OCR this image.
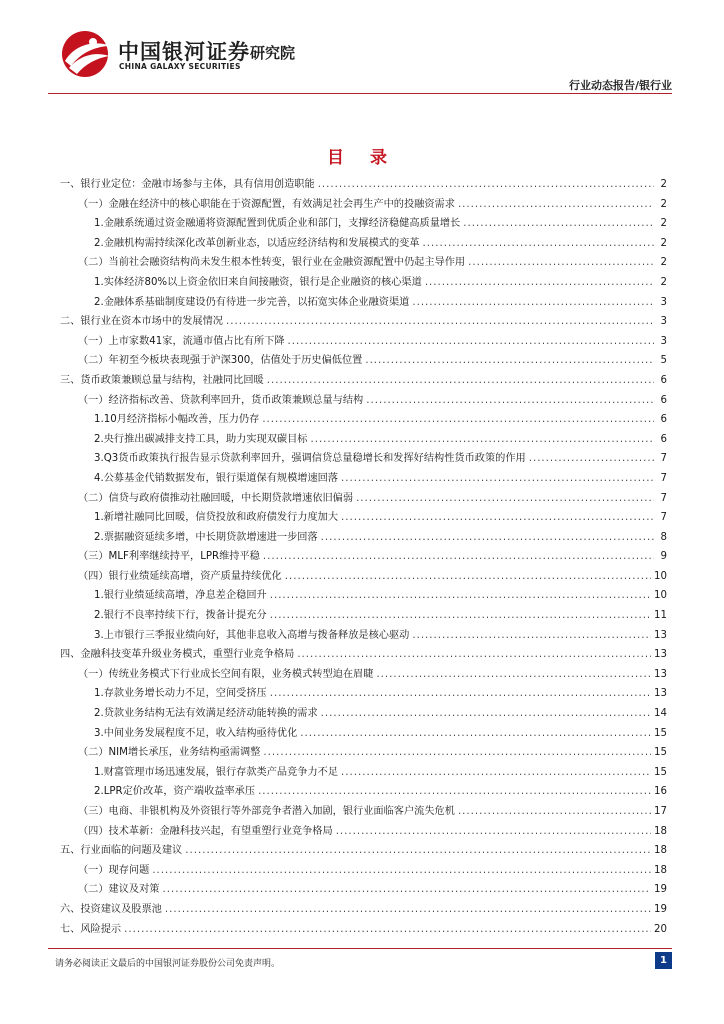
中国银河证券
CHINA GALAXY SECURITIES
研究院
行业动态报告/银行业
目 录
一、银行业定位：金融市场参与主体，具有信用创造职能 .....	2
（一）金融在经济中的核心职能在于资源配置，有效满足社会再生产中的投融资需求 .....	2
1.金融系统通过资金融通将资源配置到优质企业和部门，支撑经济稳健高质量增长 .....	2
2.金融机构需持续深化改革创新业态，以适应经济结构和发展模式的变革 .....	2
（二）当前社会融资结构尚未发生根本性转变，银行业在金融资源配置中仍起主导作用 .....	2
1.实体经济80%以上资金依旧来自间接融资，银行是企业融资的核心渠道 .....	2
2.金融体系基础制度建设仍有待进一步完善，以拓宽实体企业融资渠道 .....	3
二、银行业在资本市场中的发展情况 .....	3
（一）上市家数41家，流通市值占比有所下降 .....	3
（二）年初至今板块表现强于沪深300，估值处于历史偏低位置 .....	5
三、货币政策兼顾总量与结构，社融同比回暖 .....	6
（一）经济指标改善、贷款利率回升，货币政策兼顾总量与结构 .....	6
1.10月经济指标小幅改善，压力仍存 .....	6
2.央行推出碳减排支持工具，助力实现双碳目标 .....	6
3.Q3货币政策执行报告显示贷款利率回升，强调信贷总量稳增长和发挥好结构性货币政策的作用 .....	7
4.公募基金代销数据发布，银行渠道保有规模增速回落 .....	7
（二）信贷与政府债推动社融回暖，中长期贷款增速依旧偏弱 .....	7
1.新增社融同比回暖，信贷投放和政府债发行力度加大 .....	7
2.票据融资延续多增，中长期贷款增速进一步回落 .....	8
（三）MLF利率继续持平，LPR维持平稳 .....	9
（四）银行业绩延续高增，资产质量持续优化 .....	10
1.银行业绩延续高增，净息差企稳回升 .....	10
2.银行不良率持续下行，拨备计提充分 .....	11
3.上市银行三季报业绩向好，其他非息收入高增与拨备释放是核心驱动 .....	13
四、金融科技变革升级业务模式，重塑行业竞争格局 .....	13
（一）传统业务模式下行业成长空间有限，业务模式转型迫在眉睫 .....	13
1.存款业务增长动力不足，空间受挤压 .....	13
2.贷款业务结构无法有效满足经济动能转换的需求 .....	14
3.中间业务发展程度不足，收入结构亟待优化 .....	15
（二）NIM增长承压，业务结构亟需调整 .....	15
1.财富管理市场迅速发展，银行存款类产品竞争力不足 .....	15
2.LPR定价改革，资产端收益率承压 .....	16
（三）电商、非银机构及外资银行等外部竞争者潜入加剧，银行业面临客户流失危机 .....	17
（四）技术革新：金融科技兴起，有望重塑行业竞争格局 .....	18
五、行业面临的问题及建议 .....	18
（一）现存问题 .....	18
（二）建议及对策 .....	19
六、投资建议及股票池 .....	19
七、风险提示 .....	20
请务必阅读正文最后的中国银河证券股份公司免责声明。	1
